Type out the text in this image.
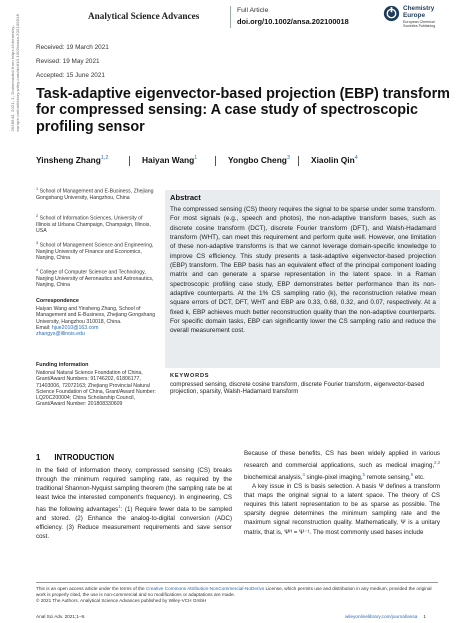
2628543, 2021, 1, Downloaded from https://chemistry-europe.onlinelibrary.wiley.com/doi/10.1002/ansa.202100018	Analytical Science Advances
Full Article
doi.org/10.1002/ansa.202100018
Chemistry
Europe
European Chemical
Societies Publishing
Received: 19 March 2021
Revised: 19 May 2021
Accepted: 15 June 2021
Task-adaptive eigenvector-based projection (EBP) transform for compressed sensing: A case study of spectroscopic profiling sensor
Yinsheng Zhang$^{1,2}$	Haiyan Wang$^1$	Yongbo Cheng$^3$	Xiaolin Qin$^4$
$^1$ School of Management and E-Business, Zhejiang Gongshang University, Hangzhou, China
$^2$ School of Information Sciences, University of Illinois at Urbana Champaign, Champaign, Illinois, USA
$^3$ School of Management Science and Engineering, Nanjing University of Finance and Economics, Nanjing, China
$^4$ College of Computer Science and Technology, Nanjing University of Aeronautics and Astronautics, Nanjing, China
Correspondence
Haiyan Wang and Yinsheng Zhang, School of Management and E-Business, Zhejiang Gongshang University, Hangzhou 310018, China.
Email: hjue2010@163.com
zhangys@illinois.edu
Funding information
National Natural Science Foundation of China, Grant/Award Numbers: 91746202, 61806177, 71403006, 72072163; Zhejiang Provincial Natural Science Foundation of China, Grant/Award Number: LQ20C200004; China Scholarship Council, Grant/Award Number: 201808330609
Abstract
The compressed sensing (CS) theory requires the signal to be sparse under some transform. For most signals (e.g., speech and photos), the non-adaptive transform bases, such as discrete cosine transform (DCT), discrete Fourier transform (DFT), and Walsh-Hadamard transform (WHT), can meet this requirement and perform quite well. However, one limitation of these non-adaptive transforms is that we cannot leverage domain-specific knowledge to improve CS efficiency. This study presents a task-adaptive eigenvector-based projection (EBP) transform. The EBP basis has an equivalent effect of the principal component loading matrix and can generate a sparse representation in the latent space. In a Raman spectroscopic profiling case study, EBP demonstrates better performance than its non-adaptive counterparts. At the 1% CS sampling ratio (k), the reconstruction relative mean square errors of DCT, DFT, WHT and EBP are 0.33, 0.68, 0.32, and 0.07, respectively. At a fixed k, EBP achieves much better reconstruction quality than the non-adaptive counterparts. For specific domain tasks, EBP can significantly lower the CS sampling ratio and reduce the overall measurement cost.
KEYWORDS
compressed sensing, discrete cosine transform, discrete Fourier transform, eigenvector-based projection, sparsity, Walsh-Hadamard transform
1 INTRODUCTION
In the field of information theory, compressed sensing (CS) breaks through the minimum required sampling rate, as required by the traditional Shannon-Nyquist sampling theorem (the sampling rate be at least twice the interested component's frequency). In engineering, CS has the following advantages$^1$: (1) Require fewer data to be sampled and stored. (2) Enhance the analog-to-digital conversion (ADC) efficiency. (3) Reduce measurement requirements and save sensor cost.
Because of these benefits, CS has been widely applied in various research and commercial applications, such as medical imaging,$^{2,3}$ biochemical analysis,$^4$ single-pixel imaging,$^5$ remote sensing,$^6$ etc.
A key issue in CS is basis selection. A basis Ψ defines a transform that maps the original signal to a latent space. The theory of CS requires this latent representation to be as sparse as possible. The sparsity degree determines the minimum sampling rate and the maximum signal reconstruction quality. Mathematically, Ψ is a unitary matrix, that is, Ψᴴ = Ψ⁻¹. The most commonly used bases include
This is an open access article under the terms of the Creative Commons Attribution-NonCommercial-NoDerivs License, which permits use and distribution in any medium, provided the original work is properly cited, the use is non-commercial and no modifications or adaptations are made.
© 2021 The Authors. Analytical Science Advances published by Wiley-VCH GmbH
Anal Sci Adv. 2021;1–9.	wileyonlinelibrary.com/journal/ansa 1
